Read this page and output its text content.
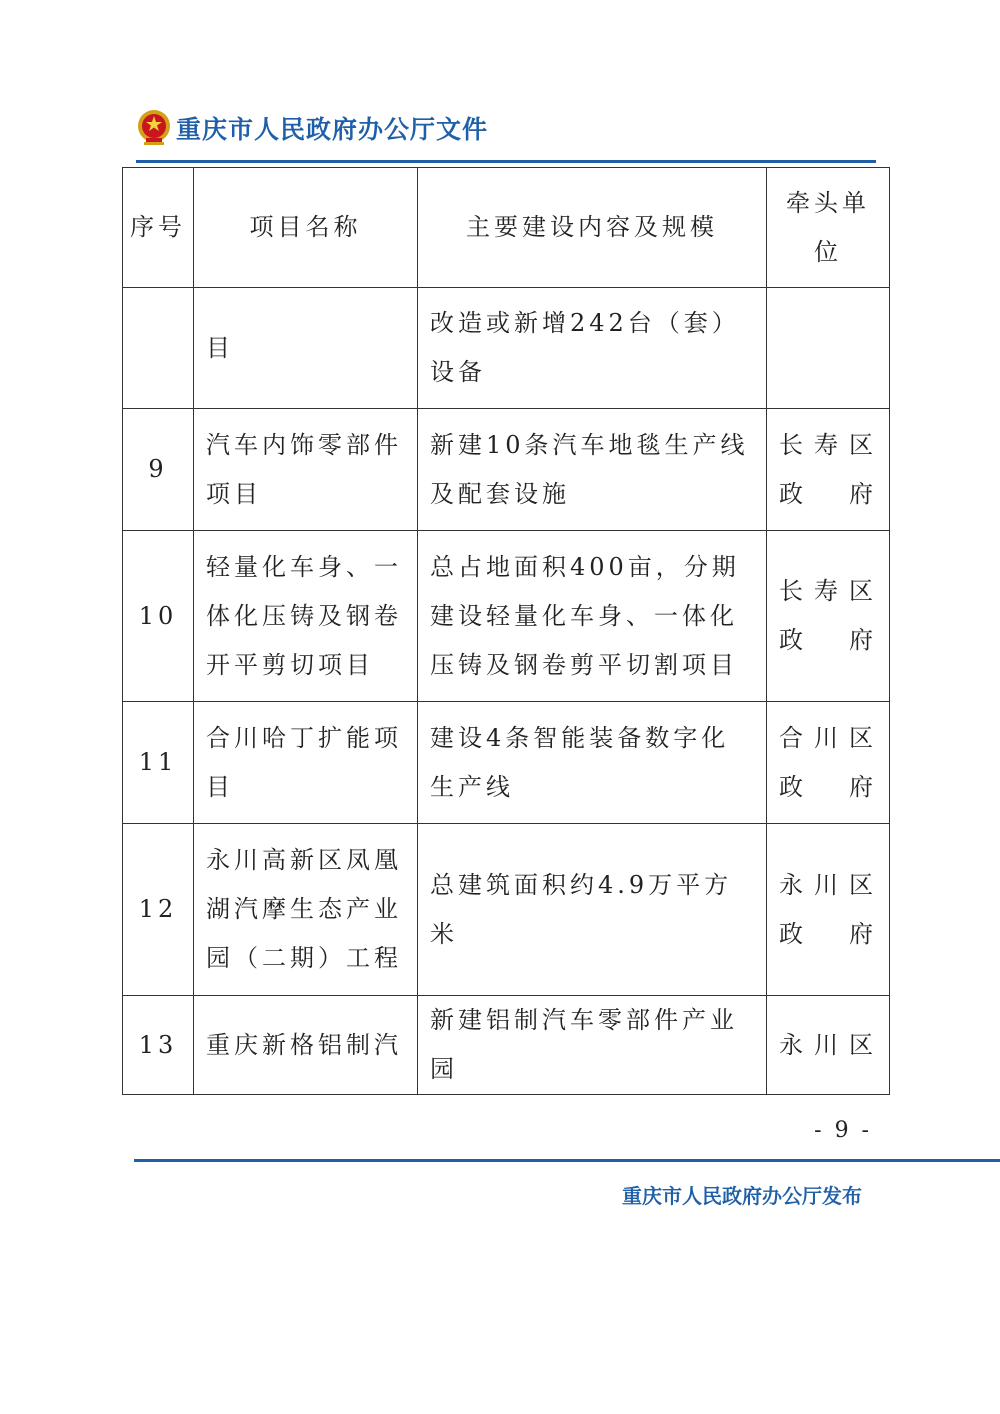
重庆市人民政府办公厅文件
序号	项目名称	主要建设内容及规模	牵头单位
	目	改造或新增242台（套）设备	
9	汽车内饰零部件项目	新建10条汽车地毯生产线及配套设施	长寿区政府
10	轻量化车身、一体化压铸及钢卷开平剪切项目	总占地面积400亩，分期建设轻量化车身、一体化压铸及钢卷剪平切割项目	长寿区政府
11	合川哈丁扩能项目	建设4条智能装备数字化生产线	合川区政府
12	永川高新区凤凰湖汽摩生态产业园（二期）工程	总建筑面积约4.9万平方米	永川区政府
13	重庆新格铝制汽	新建铝制汽车零部件产业园	永川区
- 9 -
重庆市人民政府办公厅发布
